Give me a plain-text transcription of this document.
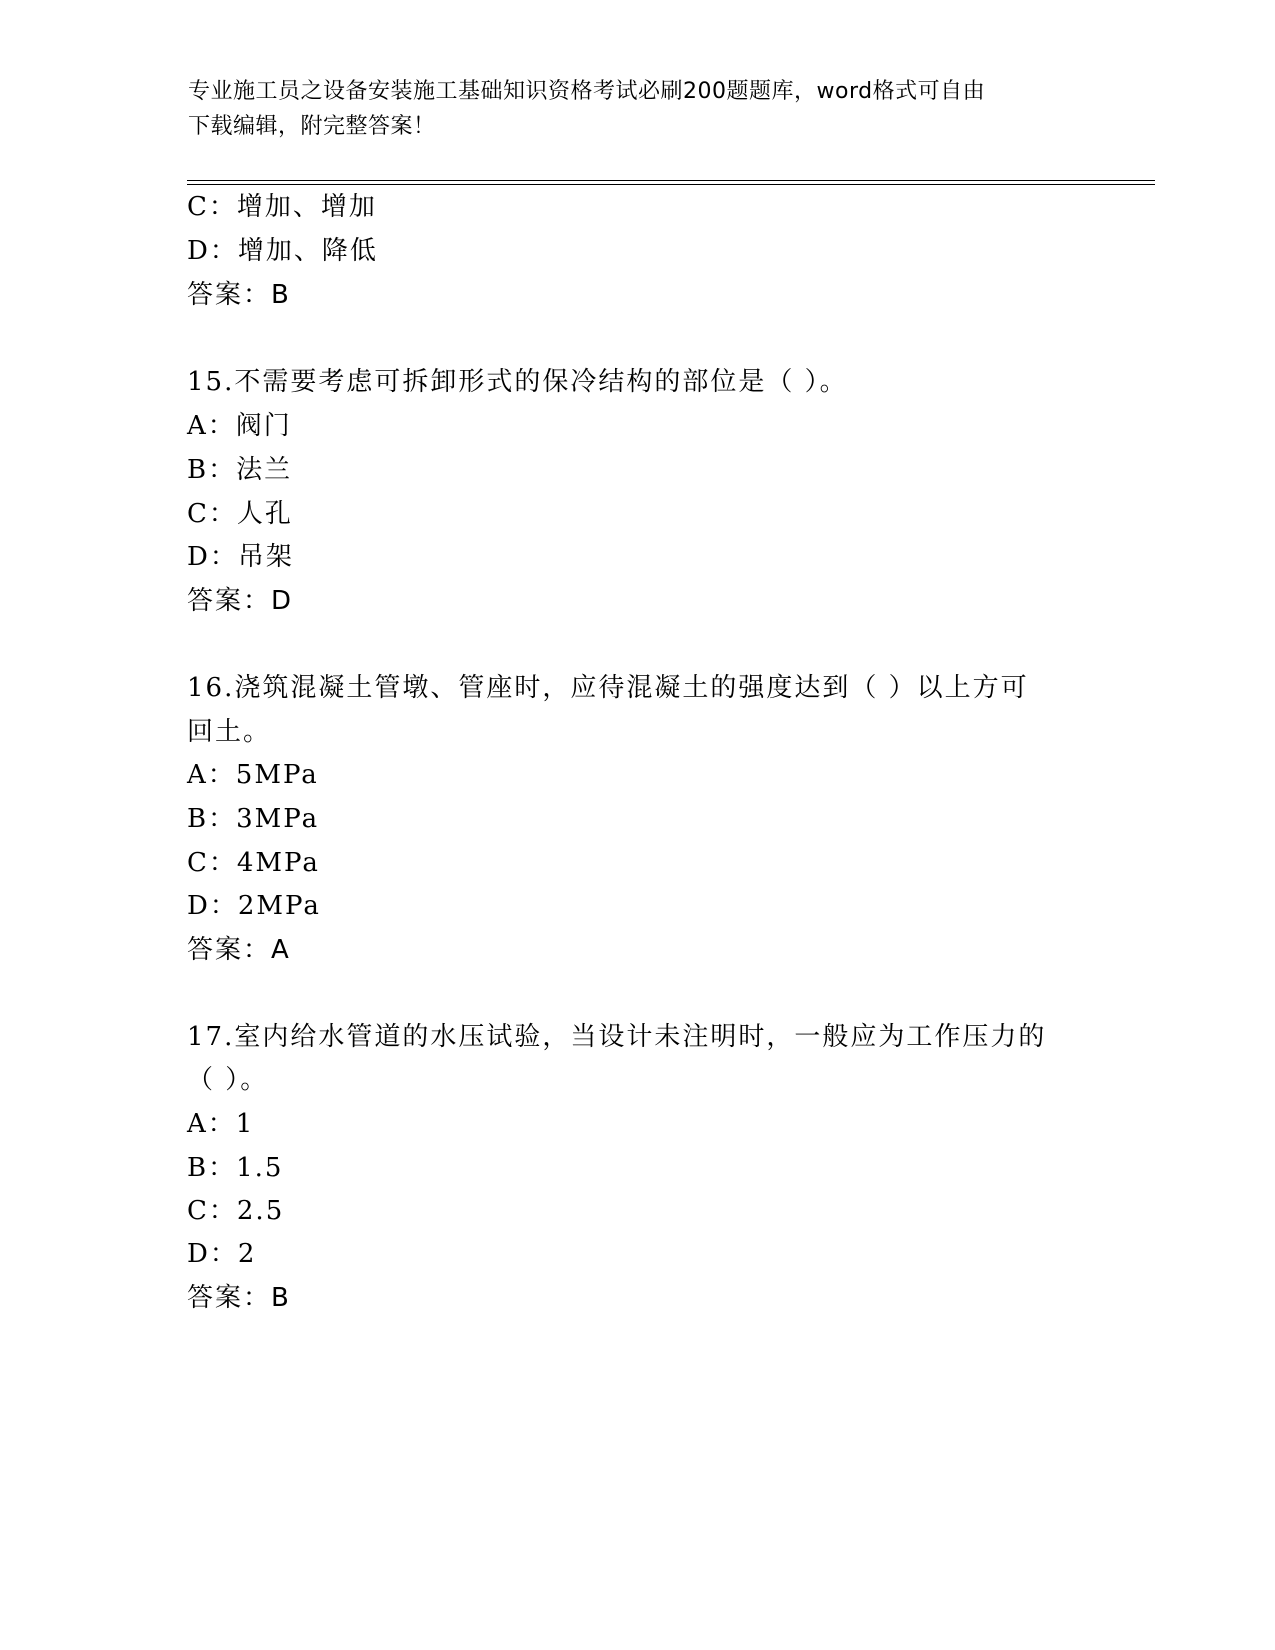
专业施工员之设备安装施工基础知识资格考试必刷200题题库，word格式可自由
下载编辑，附完整答案！
C：增加、增加
D：增加、降低
答案：B
15.不需要考虑可拆卸形式的保冷结构的部位是（ ）。
A：阀门
B：法兰
C：人孔
D：吊架
答案：D
16.浇筑混凝土管墩、管座时，应待混凝土的强度达到（ ）以上方可
回土。
A：5MPa
B：3MPa
C：4MPa
D：2MPa
答案：A
17.室内给水管道的水压试验，当设计未注明时，一般应为工作压力的
（ ）。
A：1
B：1.5
C：2.5
D：2
答案：B
